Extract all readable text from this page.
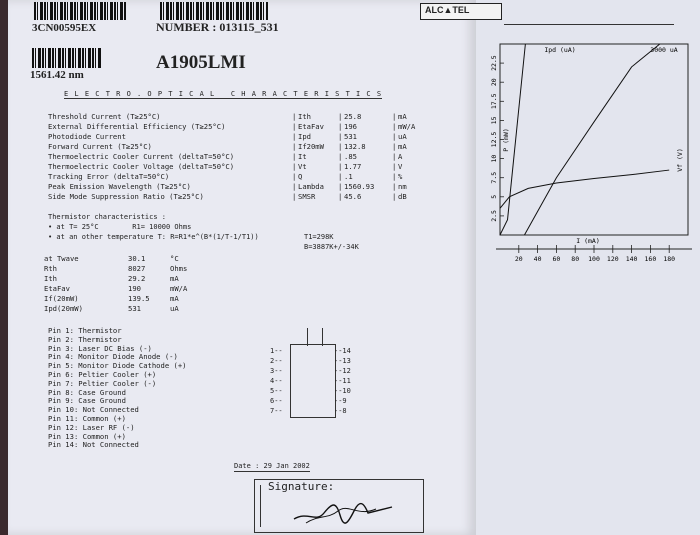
3CN00595EX	NUMBER : 013115_531
1561.42 nm
A1905LMI
E L E C T R O . O P T I C A L   C H A R A C T E R I S T I C S
Threshold Current (T≥25°C)	Ith	25.8	mA
|	|	|
External Differential Efficiency (T≥25°C)	EtaFav	196	mW/A
|	|	|
Photodiode Current	Ipd	531	uA
|	|	|
Forward Current (T≥25°C)	If20mW	132.8	mA
|	|	|
Thermoelectric Cooler Current (deltaT=50°C)	It	.85	A
|	|	|
Thermoelectric Cooler Voltage (deltaT=50°C)	Vt	1.77	V
|	|	|
Tracking Error (deltaT=50°C)	Q	.1	%
|	|	|
Peak Emission Wavelength (T≥25°C)	Lambda	1560.93	nm
|	|	|
Side Mode Suppression Ratio (T≥25°C)	SMSR	45.6	dB
|	|	|
Thermistor characteristics :
• at T= 25°C        R1= 10000 Ohms
• at an other temperature T: R=R1*e^(B*(1/T-1/T1))	T1=298K
B=3887K+/-34K
at Twave	30.1	°C
Rth	8027	Ohms
Ith	29.2	mA
EtaFav	190	mW/A
If(20mW)	139.5	mA
Ipd(20mW)	531	uA
Pin 1: Thermistor
Pin 2: Thermistor
Pin 3: Laser DC Bias (-)
Pin 4: Monitor Diode Anode (-)
Pin 5: Monitor Diode Cathode (+)
Pin 6: Peltier Cooler (+)
Pin 7: Peltier Cooler (-)
Pin 8: Case Ground
Pin 9: Case Ground
Pin 10: Not Connected
Pin 11: Common (+)
Pin 12: Laser RF (-)
Pin 13: Common (+)
Pin 14: Not Connected
1--
2--
3--
4--
5--
6--
7--
--14
--13
--12
--11
--10
--9
--8
Date : 29 Jan 2002
Signature:
ALC▲TEL
20 40 60 80 100 120 140 160 180
2.5
5
7.5
10
12.5
15
17.5
20
22.5
Ipd (uA)	3000 uA
I (mA)
P (mW)
Vf (V)
